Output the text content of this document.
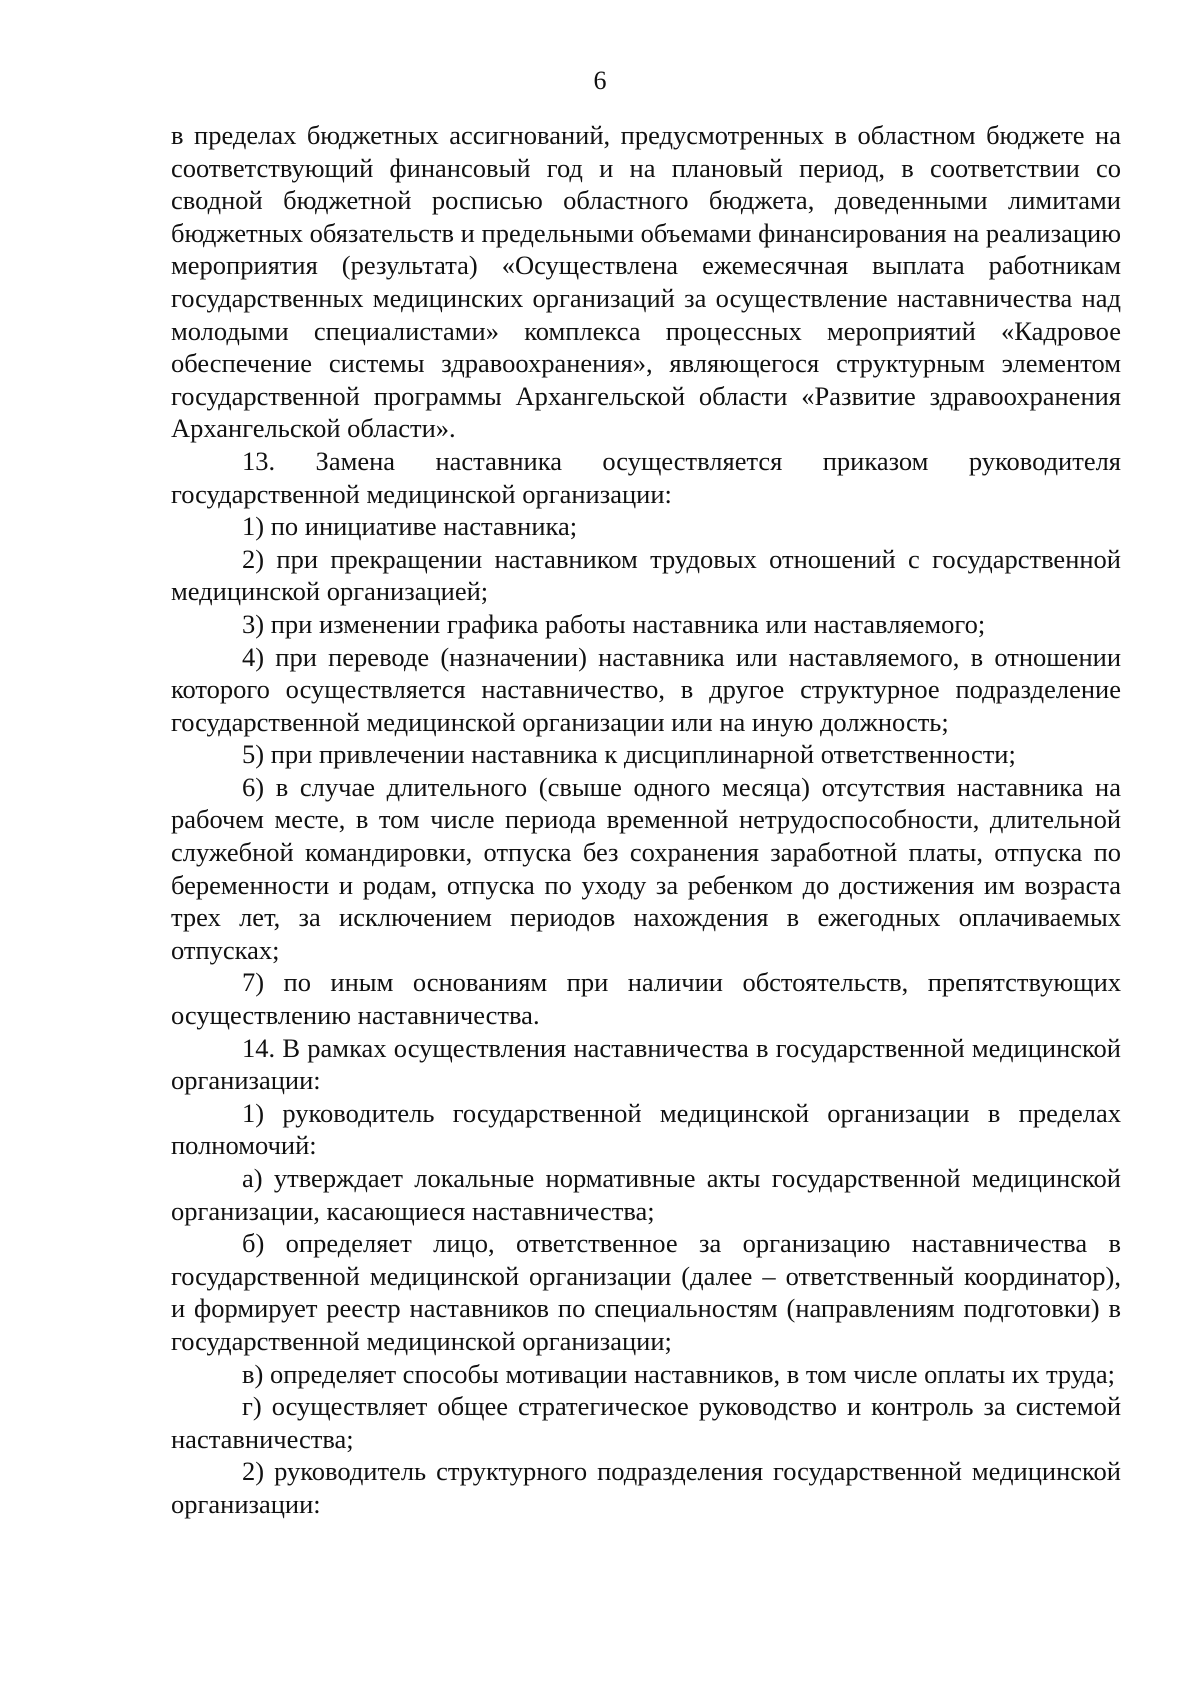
6

в пределах бюджетных ассигнований, предусмотренных в областном бюджете на соответствующий финансовый год и на плановый период, в соответствии со сводной бюджетной росписью областного бюджета, доведенными лимитами бюджетных обязательств и предельными объемами финансирования на реализацию мероприятия (результата) «Осуществлена ежемесячная выплата работникам государственных медицинских организаций за осуществление наставничества над молодыми специалистами» комплекса процессных мероприятий «Кадровое обеспечение системы здравоохранения», являющегося структурным элементом государственной программы Архангельской области «Развитие здравоохранения Архангельской области».

13. Замена наставника осуществляется приказом руководителя государственной медицинской организации:

1) по инициативе наставника;

2) при прекращении наставником трудовых отношений с государственной медицинской организацией;

3) при изменении графика работы наставника или наставляемого;

4) при переводе (назначении) наставника или наставляемого, в отношении которого осуществляется наставничество, в другое структурное подразделение государственной медицинской организации или на иную должность;

5) при привлечении наставника к дисциплинарной ответственности;

6) в случае длительного (свыше одного месяца) отсутствия наставника на рабочем месте, в том числе периода временной нетрудоспособности, длительной служебной командировки, отпуска без сохранения заработной платы, отпуска по беременности и родам, отпуска по уходу за ребенком до достижения им возраста трех лет, за исключением периодов нахождения в ежегодных оплачиваемых отпусках;

7) по иным основаниям при наличии обстоятельств, препятствующих осуществлению наставничества.

14. В рамках осуществления наставничества в государственной медицинской организации:

1) руководитель государственной медицинской организации в пределах полномочий:

а) утверждает локальные нормативные акты государственной медицинской организации, касающиеся наставничества;

б) определяет лицо, ответственное за организацию наставничества в государственной медицинской организации (далее – ответственный координатор), и формирует реестр наставников по специальностям (направлениям подготовки) в государственной медицинской организации;

в) определяет способы мотивации наставников, в том числе оплаты их труда;

г) осуществляет общее стратегическое руководство и контроль за системой наставничества;

2) руководитель структурного подразделения государственной медицинской организации:
